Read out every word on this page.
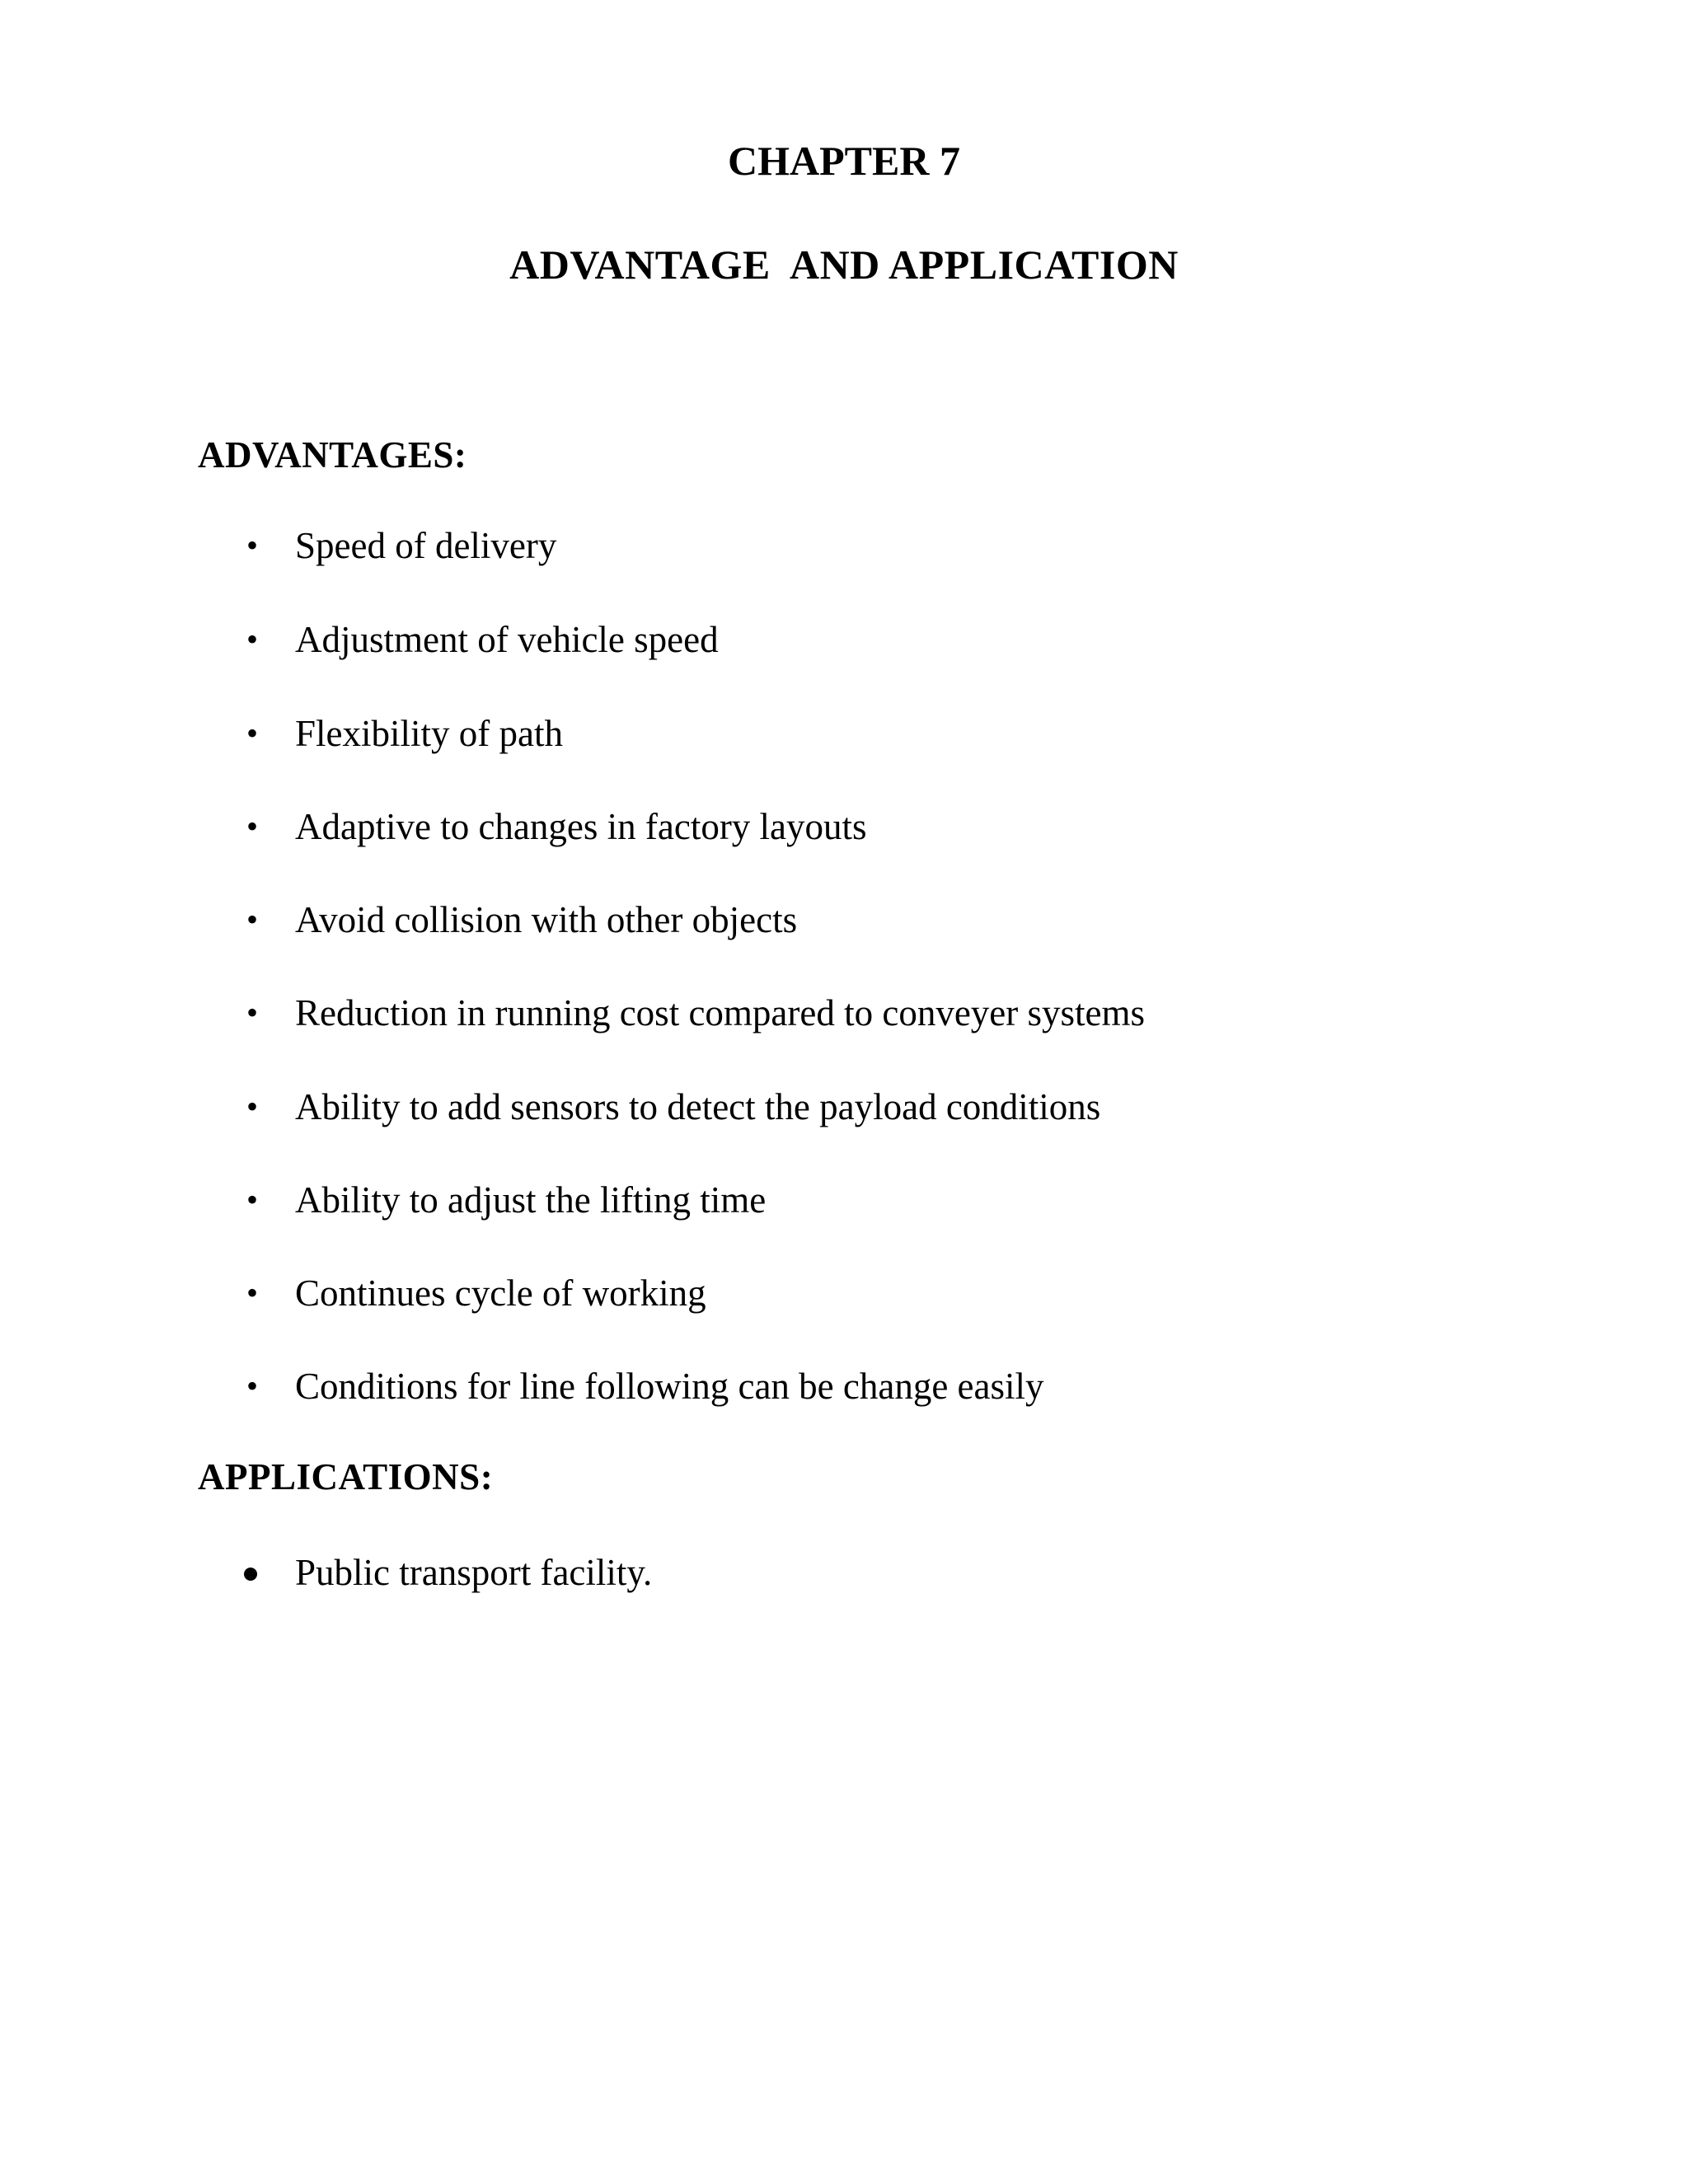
CHAPTER 7
ADVANTAGE  AND APPLICATION
ADVANTAGES:
• Speed of delivery
• Adjustment of vehicle speed
• Flexibility of path
• Adaptive to changes in factory layouts
• Avoid collision with other objects
• Reduction in running cost compared to conveyer systems
• Ability to add sensors to detect the payload conditions
• Ability to adjust the lifting time
• Continues cycle of working
• Conditions for line following can be change easily
APPLICATIONS:
Public transport facility.
